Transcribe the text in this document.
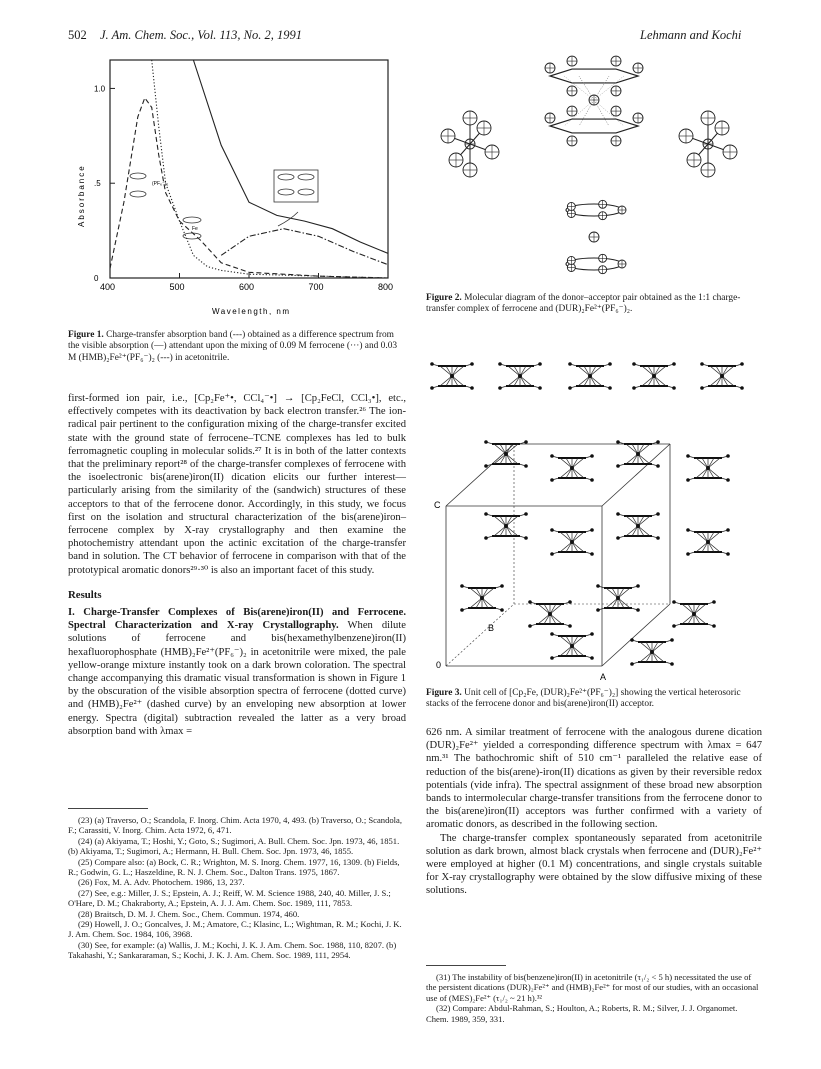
502 J. Am. Chem. Soc., Vol. 113, No. 2, 1991	Lehmann and Kochi
400	500	600	700	800
1.0
.5
0
(PF₆⁻)₂
Fe
Absorbance
Wavelength, nm
Figure 1. Charge-transfer absorption band (---) obtained as a difference spectrum from the visible absorption (—) attendant upon the mixing of 0.09 M ferrocene (···) and 0.03 M (HMB)₂Fe²⁺(PF₆⁻)₂ (---) in acetonitrile.

first-formed ion pair, i.e., [Cp₂Fe⁺•, CCl₄⁻•] → [Cp₂FeCl, CCl₃•], etc., effectively competes with its deactivation by back electron transfer.²⁶ The ion-radical pair pertinent to the configuration mixing of the charge-transfer excited state with the ground state of ferrocene–TCNE complexes has led to bulk ferromagnetic coupling in molecular solids.²⁷ It is in both of the latter contexts that the preliminary report²⁸ of the charge-transfer complexes of ferrocene with the isoelectronic bis(arene)iron(II) dication elicits our further interest—particularly arising from the similarity of the (sandwich) structures of these acceptors to that of the ferrocene donor. Accordingly, in this study, we focus first on the isolation and structural characterization of the bis(arene)iron–ferrocene complex by X-ray crystallography and then examine the photochemistry attendant upon the actinic excitation of the charge-transfer band in solution. The CT behavior of ferrocene in comparison with that of the prototypical aromatic donors²⁹·³⁰ is also an important facet of this study.

Results

I. Charge-Transfer Complexes of Bis(arene)iron(II) and Ferrocene. Spectral Characterization and X-ray Crystallography. When dilute solutions of ferrocene and bis(hexamethylbenzene)iron(II) hexafluorophosphate (HMB)₂Fe²⁺(PF₆⁻)₂ in acetonitrile were mixed, the pale yellow-orange mixture instantly took on a dark brown coloration. The spectral change accompanying this dramatic visual transformation is shown in Figure 1 by the obscuration of the visible absorption spectra of ferrocene (dotted curve) and (HMB)₂Fe²⁺ (dashed curve) by an enveloping new absorption at lower energy. Spectra (digital) subtraction revealed the latter as a very broad absorption band with λmax =

(23) (a) Traverso, O.; Scandola, F. Inorg. Chim. Acta 1970, 4, 493. (b) Traverso, O.; Scandola, F.; Carassiti, V. Inorg. Chim. Acta 1972, 6, 471.

(24) (a) Akiyama, T.; Hoshi, Y.; Goto, S.; Sugimori, A. Bull. Chem. Soc. Jpn. 1973, 46, 1851. (b) Akiyama, T.; Sugimori, A.; Hermann, H. Bull. Chem. Soc. Jpn. 1973, 46, 1855.

(25) Compare also: (a) Bock, C. R.; Wrighton, M. S. Inorg. Chem. 1977, 16, 1309. (b) Fields, R.; Godwin, G. L.; Haszeldine, R. N. J. Chem. Soc., Dalton Trans. 1975, 1867.

(26) Fox, M. A. Adv. Photochem. 1986, 13, 237.

(27) See, e.g.: Miller, J. S.; Epstein, A. J.; Reiff, W. M. Science 1988, 240, 40. Miller, J. S.; O'Hare, D. M.; Chakraborty, A.; Epstein, A. J. J. Am. Chem. Soc. 1989, 111, 7853.

(28) Braitsch, D. M. J. Chem. Soc., Chem. Commun. 1974, 460.

(29) Howell, J. O.; Goncalves, J. M.; Amatore, C.; Klasinc, L.; Wightman, R. M.; Kochi, J. K. J. Am. Chem. Soc. 1984, 106, 3968.

(30) See, for example: (a) Wallis, J. M.; Kochi, J. K. J. Am. Chem. Soc. 1988, 110, 8207. (b) Takahashi, Y.; Sankararaman, S.; Kochi, J. K. J. Am. Chem. Soc. 1989, 111, 2954.

Figure 2. Molecular diagram of the donor–acceptor pair obtained as the 1:1 charge-transfer complex of ferrocene and (DUR)₂Fe²⁺(PF₆⁻)₂.
C
B
0
A
Figure 3. Unit cell of [Cp₂Fe, (DUR)₂Fe²⁺(PF₆⁻)₂] showing the vertical heterosoric stacks of the ferrocene donor and bis(arene)iron(II) acceptor.

626 nm. A similar treatment of ferrocene with the analogous durene dication (DUR)₂Fe²⁺ yielded a corresponding difference spectrum with λmax = 647 nm.³¹ The bathochromic shift of 510 cm⁻¹ paralleled the relative ease of reduction of the bis(arene)-iron(II) dications as given by their reversible redox potentials (vide infra). The spectral assignment of these broad new absorption bands to intermolecular charge-transfer transitions from the ferrocene donor to the bis(arene)iron(II) acceptors was further confirmed with a variety of aromatic donors, as described in the following section.

The charge-transfer complex spontaneously separated from acetonitrile solution as dark brown, almost black crystals when ferrocene and (DUR)₂Fe²⁺ were employed at higher (0.1 M) concentrations, and single crystals suitable for X-ray crystallography were obtained by the slow diffusive mixing of these solutions.

(31) The instability of bis(benzene)iron(II) in acetonitrile (τ₁/₂ < 5 h) necessitated the use of the persistent dications (DUR)₂Fe²⁺ and (HMB)₂Fe²⁺ for most of our studies, with an occasional use of (MES)₂Fe²⁺ (τ₁/₂ ~ 21 h).³²

(32) Compare: Abdul-Rahman, S.; Houlton, A.; Roberts, R. M.; Silver, J. J. Organomet. Chem. 1989, 359, 331.
